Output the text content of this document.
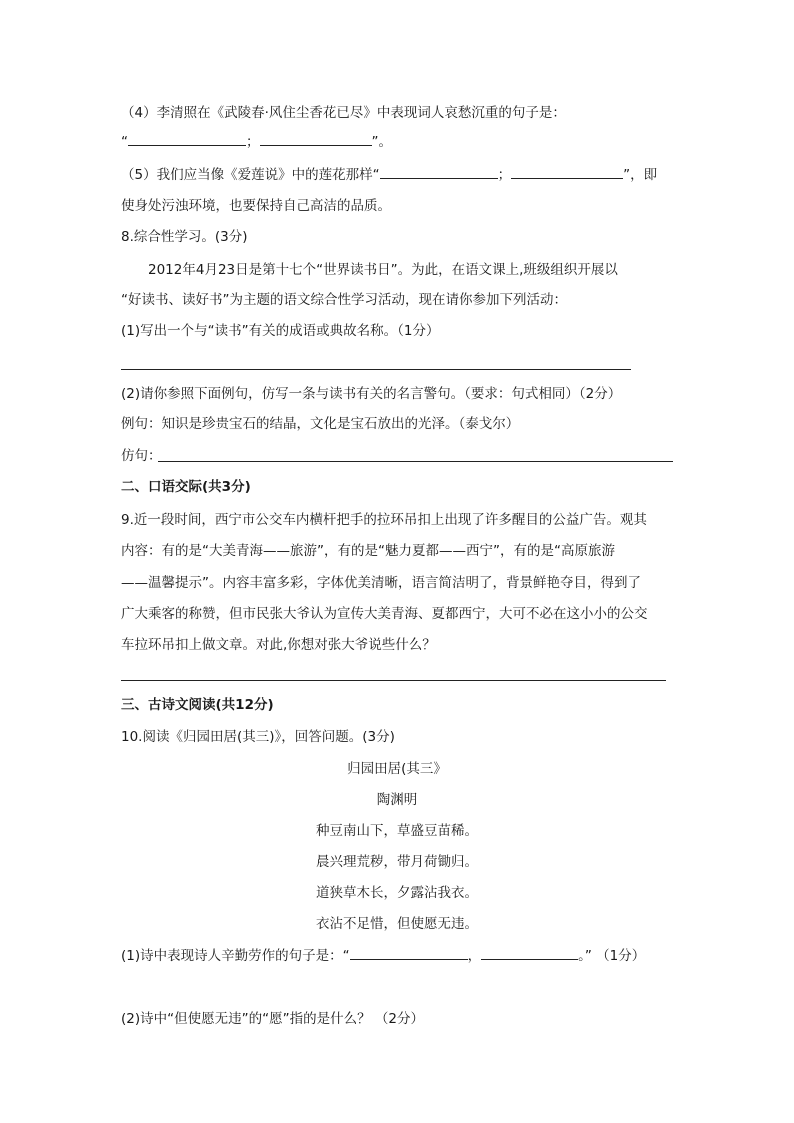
（4）李清照在《武陵春·风住尘香花已尽》中表现词人哀愁沉重的句子是：
“	；	”。
（5）我们应当像《爱莲说》中的莲花那样“	；	”，即
使身处污浊环境，也要保持自己高洁的品质。
8.综合性学习。(3分)
2012年4月23日是第十七个“世界读书日”。为此，在语文课上,班级组织开展以
“好读书、读好书”为主题的语文综合性学习活动，现在请你参加下列活动：
(1)写出一个与“读书”有关的成语或典故名称。（1分）
(2)请你参照下面例句，仿写一条与读书有关的名言警句。（要求：句式相同）（2分）
例句：知识是珍贵宝石的结晶，文化是宝石放出的光泽。（泰戈尔）
仿句：
二、口语交际(共3分)
9.近一段时间，西宁市公交车内横杆把手的拉环吊扣上出现了许多醒目的公益广告。观其
内容：有的是“大美青海——旅游”，有的是“魅力夏都——西宁”，有的是“高原旅游
——温馨提示”。内容丰富多彩，字体优美清晰，语言简洁明了，背景鲜艳夺目，得到了
广大乘客的称赞，但市民张大爷认为宣传大美青海、夏都西宁，大可不必在这小小的公交
车拉环吊扣上做文章。对此,你想对张大爷说些什么？
三、古诗文阅读(共12分)
10.阅读《归园田居(其三)》，回答问题。(3分)
归园田居(其三》
陶渊明
种豆南山下，草盛豆苗稀。
晨兴理荒秽，带月荷锄归。
道狭草木长，夕露沾我衣。
衣沾不足惜，但使愿无违。
(1)诗中表现诗人辛勤劳作的句子是：“	，	。” （1分）
(2)诗中“但使愿无违”的“愿”指的是什么？ （2分）
